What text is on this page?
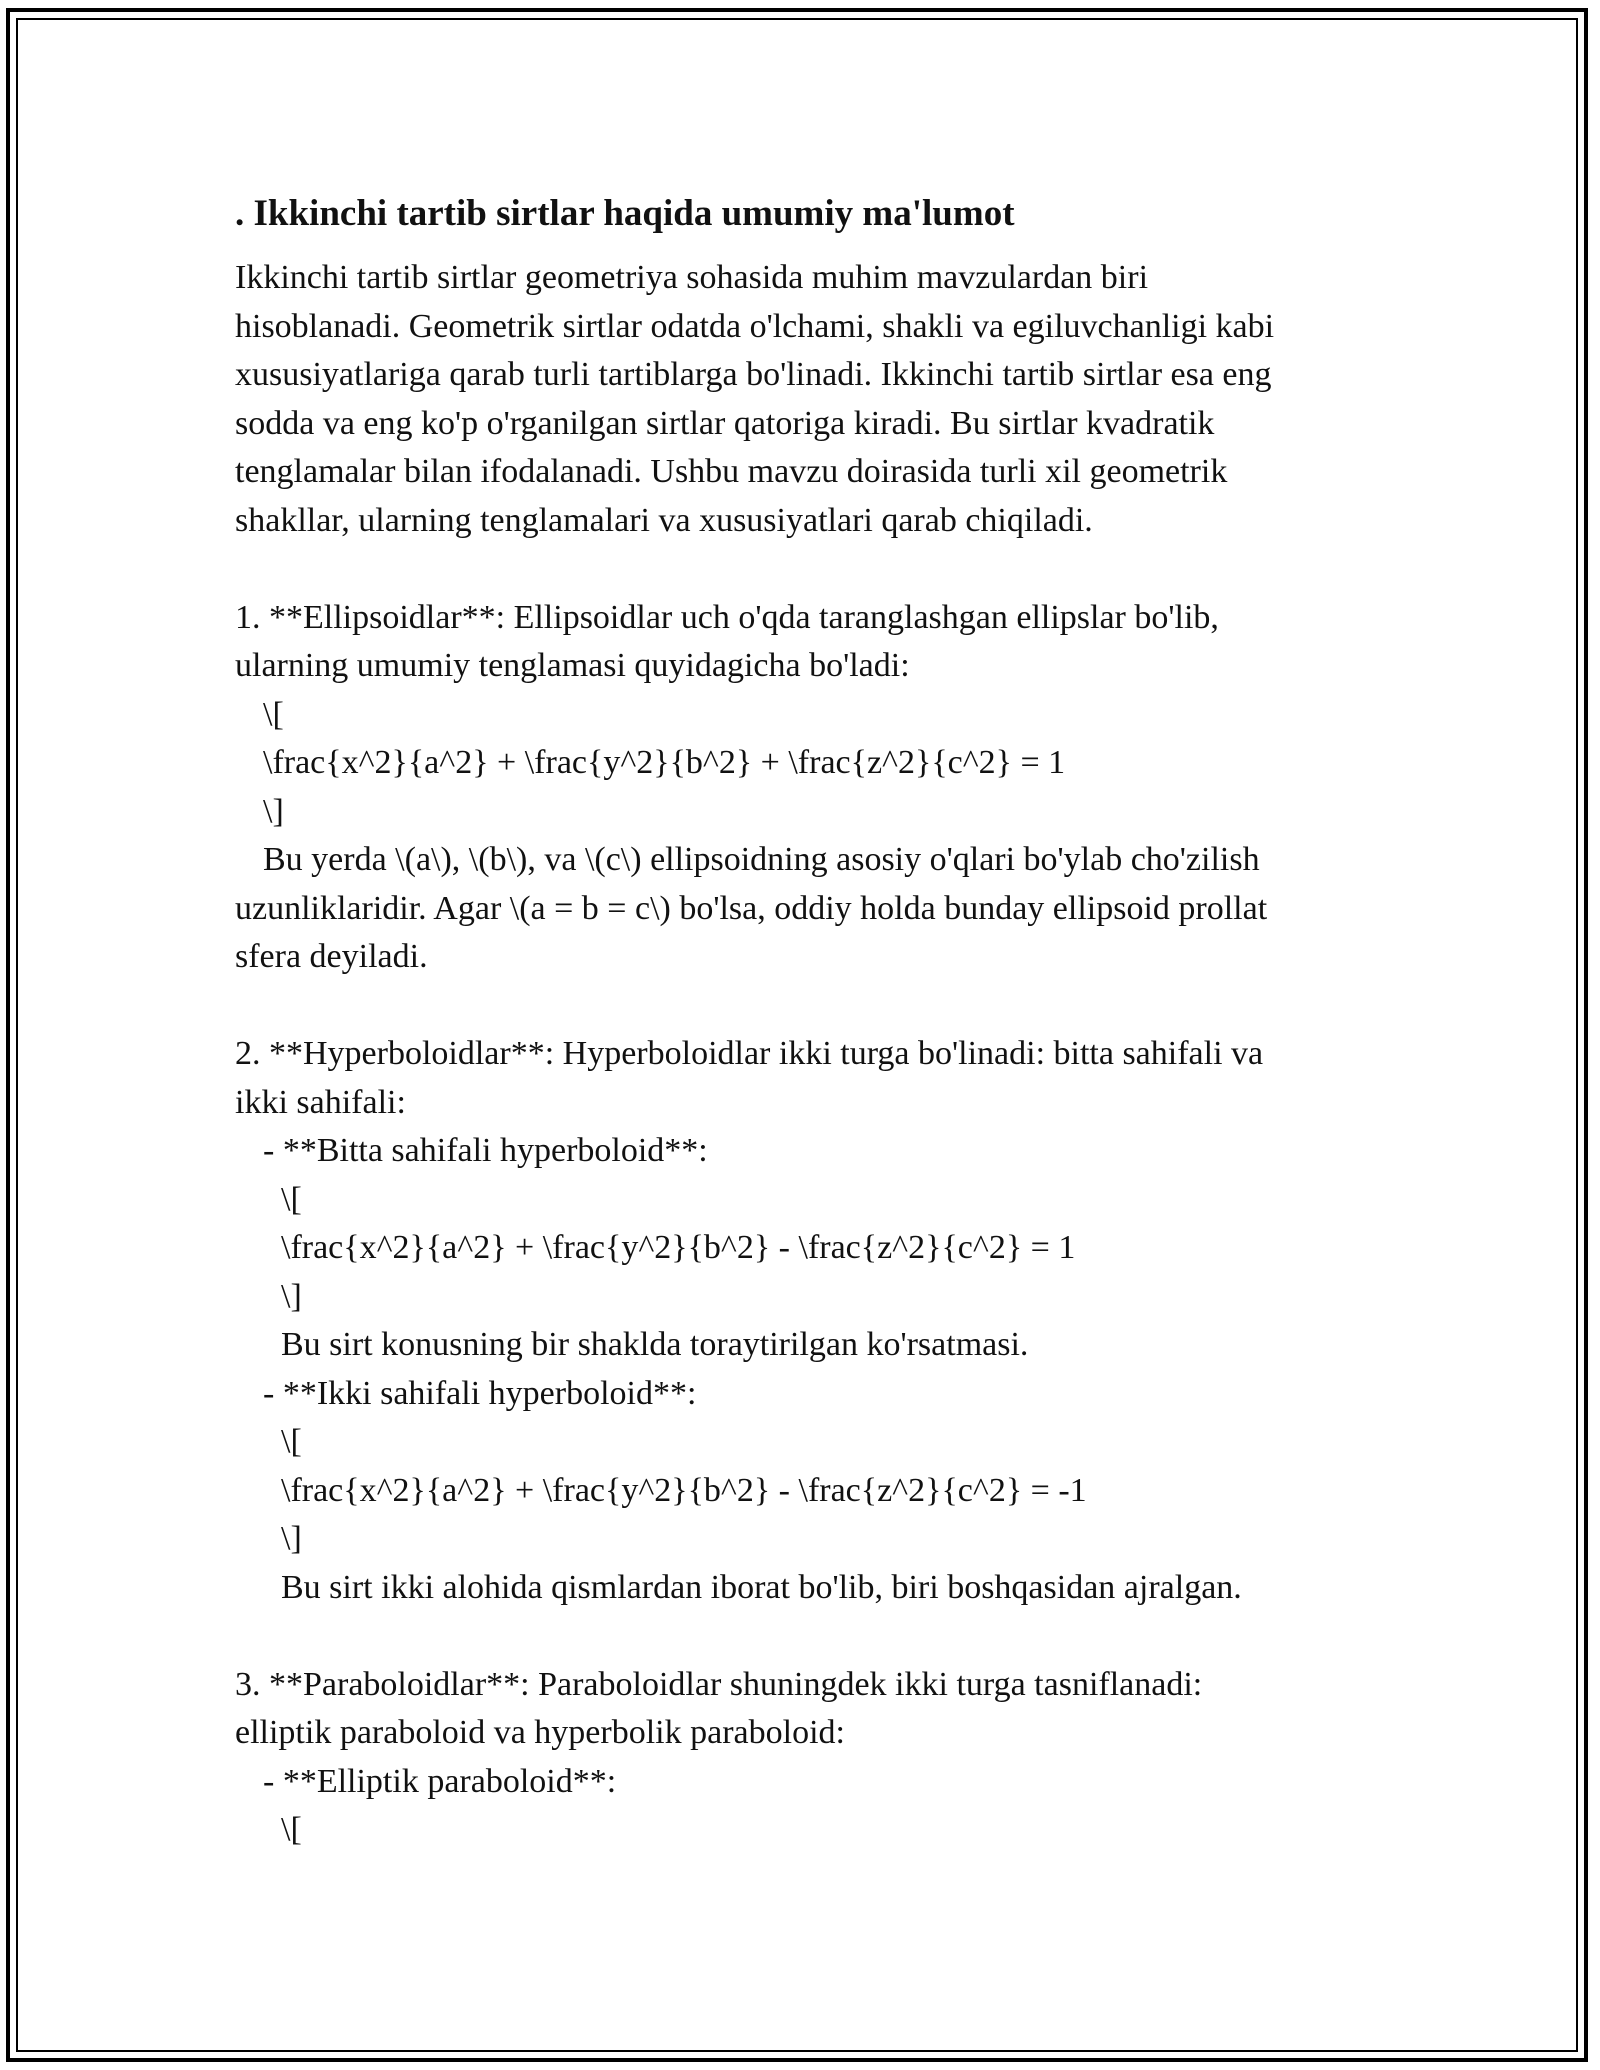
. Ikkinchi tartib sirtlar haqida umumiy ma'lumot
Ikkinchi tartib sirtlar geometriya sohasida muhim mavzulardan biri
hisoblanadi. Geometrik sirtlar odatda o'lchami, shakli va egiluvchanligi kabi
xususiyatlariga qarab turli tartiblarga bo'linadi. Ikkinchi tartib sirtlar esa eng
sodda va eng ko'p o'rganilgan sirtlar qatoriga kiradi. Bu sirtlar kvadratik
tenglamalar bilan ifodalanadi. Ushbu mavzu doirasida turli xil geometrik
shakllar, ularning tenglamalari va xususiyatlari qarab chiqiladi.
1. **Ellipsoidlar**: Ellipsoidlar uch o'qda taranglashgan ellipslar bo'lib,
ularning umumiy tenglamasi quyidagicha bo'ladi:
\[
\frac{x^2}{a^2} + \frac{y^2}{b^2} + \frac{z^2}{c^2} = 1
\]
Bu yerda \(a\), \(b\), va \(c\) ellipsoidning asosiy o'qlari bo'ylab cho'zilish
uzunliklaridir. Agar \(a = b = c\) bo'lsa, oddiy holda bunday ellipsoid prollat
sfera deyiladi.
2. **Hyperboloidlar**: Hyperboloidlar ikki turga bo'linadi: bitta sahifali va
ikki sahifali:
- **Bitta sahifali hyperboloid**:
\[
\frac{x^2}{a^2} + \frac{y^2}{b^2} - \frac{z^2}{c^2} = 1
\]
Bu sirt konusning bir shaklda toraytirilgan ko'rsatmasi.
- **Ikki sahifali hyperboloid**:
\[
\frac{x^2}{a^2} + \frac{y^2}{b^2} - \frac{z^2}{c^2} = -1
\]
Bu sirt ikki alohida qismlardan iborat bo'lib, biri boshqasidan ajralgan.
3. **Paraboloidlar**: Paraboloidlar shuningdek ikki turga tasniflanadi:
elliptik paraboloid va hyperbolik paraboloid:
- **Elliptik paraboloid**:
\[
